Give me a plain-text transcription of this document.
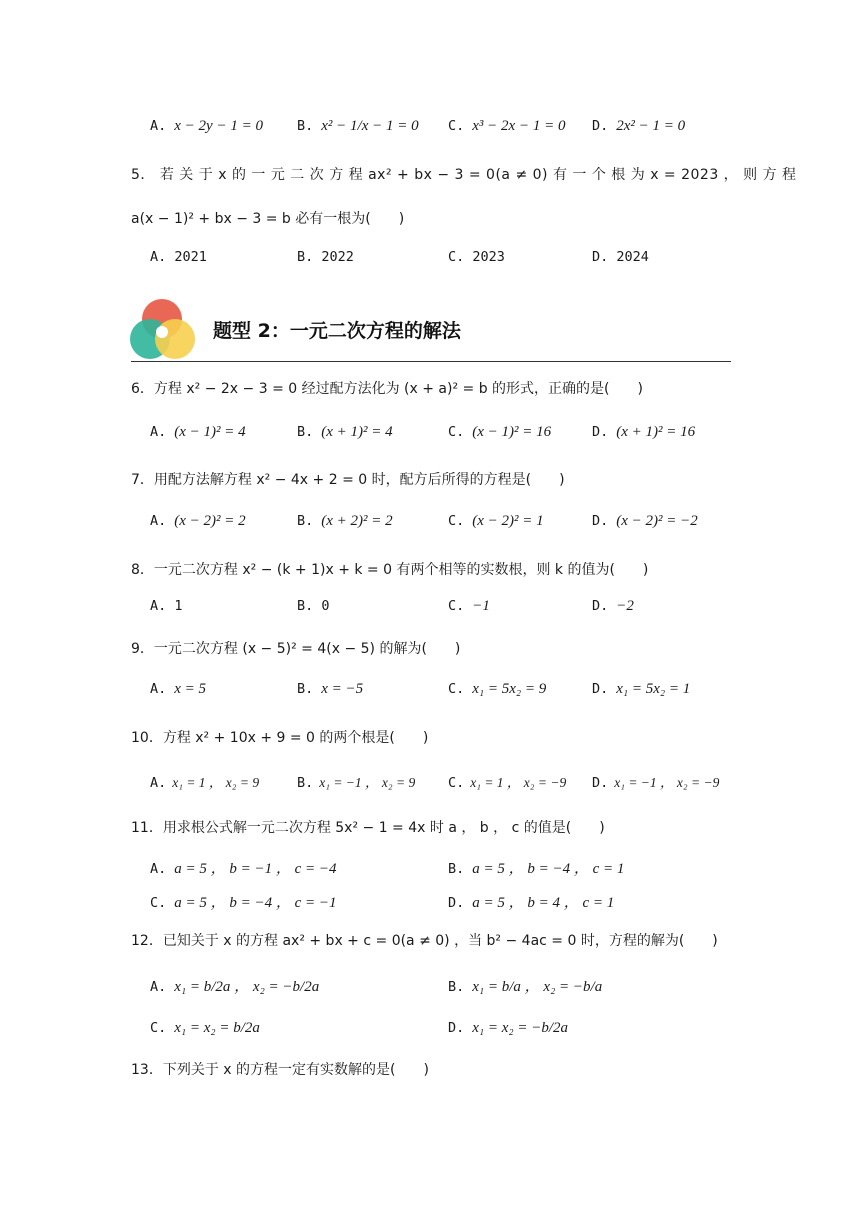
A. x − 2y − 1 = 0	B. x² − 1/x − 1 = 0 C. x³ − 2x − 1 = 0 D. 2x² − 1 = 0
5． 若 关 于 x 的 一 元 二 次 方 程 ax² + bx − 3 = 0(a ≠ 0) 有 一 个 根 为 x = 2023 ， 则 方 程
a(x − 1)² + bx − 3 = b 必有一根为(　　)
A. 2021	B. 2022	C. 2023	D. 2024
题型 2：一元二次方程的解法
6．方程 x² − 2x − 3 = 0 经过配方法化为 (x + a)² = b 的形式，正确的是(　　)
A. (x − 1)² = 4	B. (x + 1)² = 4	C. (x − 1)² = 16	D. (x + 1)² = 16
7．用配方法解方程 x² − 4x + 2 = 0 时，配方后所得的方程是(　　)
A. (x − 2)² = 2	B. (x + 2)² = 2	C. (x − 2)² = 1	D. (x − 2)² = −2
8．一元二次方程 x² − (k + 1)x + k = 0 有两个相等的实数根，则 k 的值为(　　)
A. 1	B. 0	C. −1	D. −2
9．一元二次方程 (x − 5)² = 4(x − 5) 的解为(　　)
A. x = 5	B. x = −5	C. x₁ = 5x₂ = 9	D. x₁ = 5x₂ = 1
10．方程 x² + 10x + 9 = 0 的两个根是(　　)
A. x₁ = 1 ， x₂ = 9	B. x₁ = −1 ， x₂ = 9 C. x₁ = 1 ， x₂ = −9 D. x₁ = −1 ， x₂ = −9
11．用求根公式解一元二次方程 5x² − 1 = 4x 时 a ， b ， c 的值是(　　)
A. a = 5 ， b = −1 ， c = −4	B. a = 5 ， b = −4 ， c = 1
C. a = 5 ， b = −4 ， c = −1	D. a = 5 ， b = 4 ， c = 1
12．已知关于 x 的方程 ax² + bx + c = 0(a ≠ 0) ，当 b² − 4ac = 0 时，方程的解为(　　)
A. x₁ = b/2a ， x₂ = −b/2a	B. x₁ = b/a ， x₂ = −b/a
C. x₁ = x₂ = b/2a	D. x₁ = x₂ = −b/2a
13．下列关于 x 的方程一定有实数解的是(　　)
